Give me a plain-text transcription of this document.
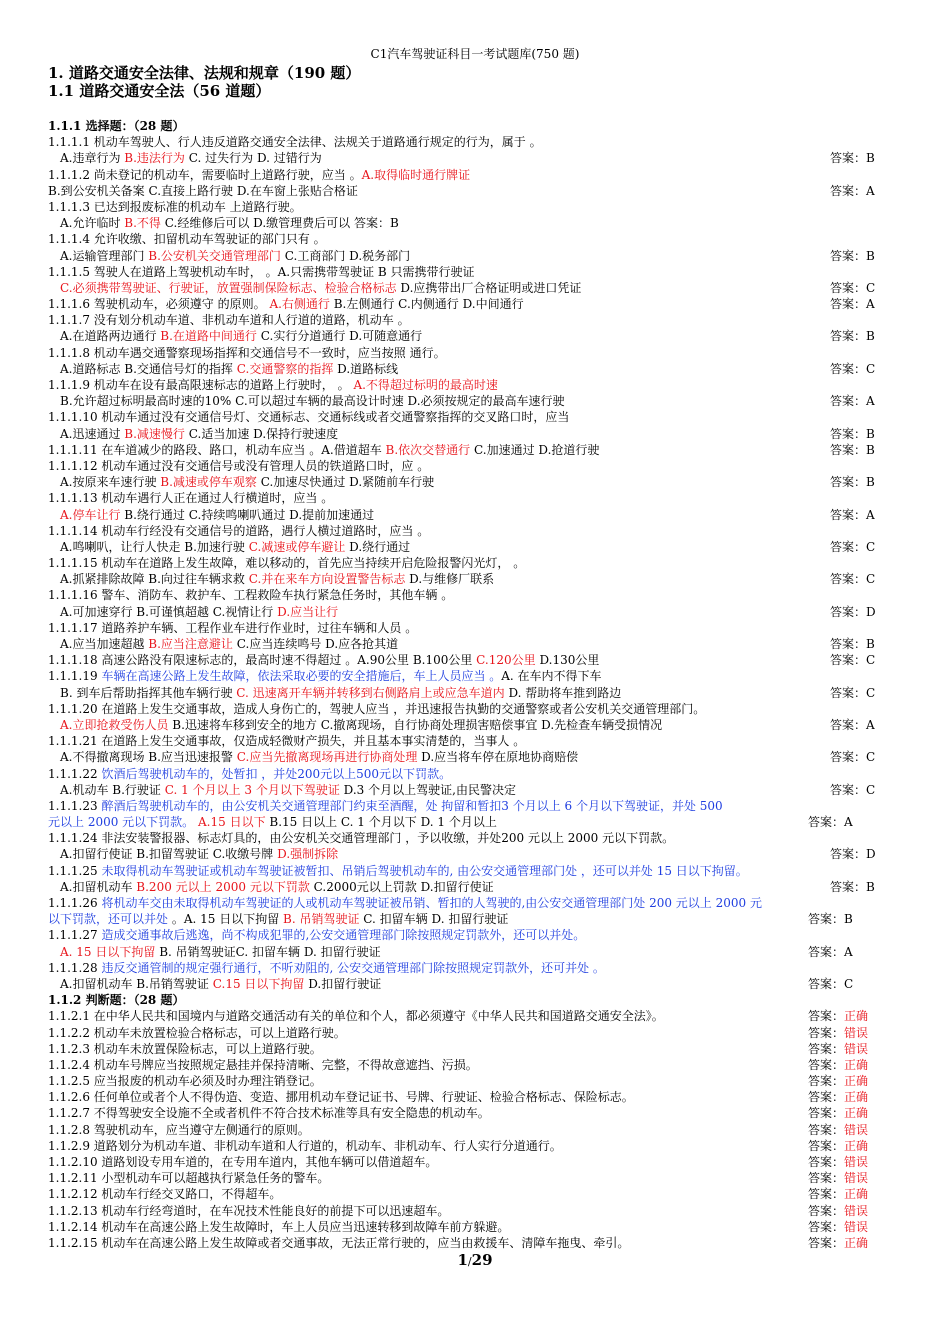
C1汽车驾驶证科目一考试题库(750 题)
1. 道路交通安全法律、法规和规章（190 题）
1.1 道路交通安全法（56 道题）
1.1.1 选择题：（28 题）
1.1.1.1 机动车驾驶人、行人违反道路交通安全法律、法规关于道路通行规定的行为，属于 。
A.违章行为 B.违法行为 C. 过失行为 D. 过错行为	答案：B
1.1.1.2 尚未登记的机动车，需要临时上道路行驶，应当 。A.取得临时通行牌证
B.到公安机关备案 C.直接上路行驶 D.在车窗上张贴合格证	答案：A
1.1.1.3 已达到报废标准的机动车 上道路行驶。
A.允许临时 B.不得 C.经维修后可以 D.缴管理费后可以 答案：B
1.1.1.4 允许收缴、扣留机动车驾驶证的部门只有 。
A.运输管理部门 B.公安机关交通管理部门 C.工商部门 D.税务部门	答案：B
1.1.1.5 驾驶人在道路上驾驶机动车时， 。A.只需携带驾驶证 B 只需携带行驶证
C.必须携带驾驶证、行驶证，放置强制保险标志、检验合格标志 D.应携带出厂合格证明或进口凭证	答案：C
1.1.1.6 驾驶机动车，必须遵守 的原则。 A.右侧通行 B.左侧通行 C.内侧通行 D.中间通行	答案：A
1.1.1.7 没有划分机动车道、非机动车道和人行道的道路，机动车 。
A.在道路两边通行 B.在道路中间通行 C.实行分道通行 D.可随意通行	答案：B
1.1.1.8 机动车遇交通警察现场指挥和交通信号不一致时，应当按照 通行。
A.道路标志 B.交通信号灯的指挥 C.交通警察的指挥 D.道路标线	答案：C
1.1.1.9 机动车在设有最高限速标志的道路上行驶时， 。 A.不得超过标明的最高时速
B.允许超过标明最高时速的10% C.可以超过车辆的最高设计时速 D.必须按规定的最高车速行驶	答案：A
1.1.1.10 机动车通过没有交通信号灯、交通标志、交通标线或者交通警察指挥的交叉路口时，应当
A.迅速通过 B.减速慢行 C.适当加速 D.保持行驶速度	答案：B
1.1.1.11 在车道减少的路段、路口，机动车应当 。A.借道超车 B.依次交替通行 C.加速通过 D.抢道行驶	答案：B
1.1.1.12 机动车通过没有交通信号或没有管理人员的铁道路口时，应 。
A.按原来车速行驶 B.减速或停车观察 C.加速尽快通过 D.紧随前车行驶	答案：B
1.1.1.13 机动车遇行人正在通过人行横道时，应当 。
A.停车让行 B.绕行通过 C.持续鸣喇叭通过 D.提前加速通过	答案：A
1.1.1.14 机动车行经没有交通信号的道路，遇行人横过道路时，应当 。
A.鸣喇叭，让行人快走 B.加速行驶 C.减速或停车避让 D.绕行通过	答案：C
1.1.1.15 机动车在道路上发生故障，难以移动的，首先应当持续开启危险报警闪光灯， 。
A.抓紧排除故障 B.向过往车辆求救 C.并在来车方向设置警告标志 D.与维修厂联系	答案：C
1.1.1.16 警车、消防车、救护车、工程救险车执行紧急任务时，其他车辆 。
A.可加速穿行 B.可谨慎超越 C.视情让行 D.应当让行	答案：D
1.1.1.17 道路养护车辆、工程作业车进行作业时，过往车辆和人员 。
A.应当加速超越 B.应当注意避让 C.应当连续鸣号 D.应各抢其道	答案：B
1.1.1.18 高速公路没有限速标志的，最高时速不得超过 。A.90公里 B.100公里 C.120公里 D.130公里	答案：C
1.1.1.19 车辆在高速公路上发生故障，依法采取必要的安全措施后，车上人员应当 。A. 在车内不得下车
B. 到车后帮助指挥其他车辆行驶 C. 迅速离开车辆并转移到右侧路肩上或应急车道内 D. 帮助将车推到路边	答案：C
1.1.1.20 在道路上发生交通事故，造成人身伤亡的，驾驶人应当 ，并迅速报告执勤的交通警察或者公安机关交通管理部门。
A.立即抢救受伤人员 B.迅速将车移到安全的地方 C.撤离现场，自行协商处理损害赔偿事宜 D.先检查车辆受损情况	答案：A
1.1.1.21 在道路上发生交通事故，仅造成轻微财产损失，并且基本事实清楚的，当事人 。
A.不得撤离现场 B.应当迅速报警 C.应当先撤离现场再进行协商处理 D.应当将车停在原地协商赔偿	答案：C
1.1.1.22 饮酒后驾驶机动车的，处暂扣 ，并处200元以上500元以下罚款。
A.机动车 B.行驶证 C. 1 个月以上 3 个月以下驾驶证 D.3 个月以上驾驶证,由民警决定	答案：C
1.1.1.23 醉酒后驾驶机动车的，由公安机关交通管理部门约束至酒醒，处 拘留和暂扣3 个月以上 6 个月以下驾驶证，并处 500
元以上 2000 元以下罚款。 A.15 日以下 B.15 日以上 C. 1 个月以下 D. 1 个月以上	答案：A
1.1.1.24 非法安装警报器、标志灯具的，由公安机关交通管理部门 ，予以收缴，并处200 元以上 2000 元以下罚款。
A.扣留行使证 B.扣留驾驶证 C.收缴号牌 D.强制拆除	答案：D
1.1.1.25 未取得机动车驾驶证或机动车驾驶证被暂扣、吊销后驾驶机动车的, 由公安交通管理部门处 ，还可以并处 15 日以下拘留。
A.扣留机动车 B.200 元以上 2000 元以下罚款 C.2000元以上罚款 D.扣留行使证	答案：B
1.1.1.26 将机动车交由未取得机动车驾驶证的人或机动车驾驶证被吊销、暂扣的人驾驶的,由公安交通管理部门处 200 元以上 2000 元
以下罚款，还可以并处 。A. 15 日以下拘留 B. 吊销驾驶证 C. 扣留车辆 D. 扣留行驶证	答案：B
1.1.1.27 造成交通事故后逃逸，尚不构成犯罪的,公安交通管理部门除按照规定罚款外，还可以并处。
A. 15 日以下拘留 B. 吊销驾驶证C. 扣留车辆 D. 扣留行驶证	答案：A
1.1.1.28 违反交通管制的规定强行通行，不听劝阻的, 公安交通管理部门除按照规定罚款外，还可并处 。
A.扣留机动车 B.吊销驾驶证 C.15 日以下拘留 D.扣留行驶证	答案：C
1.1.2 判断题：（28 题）
1.1.2.1 在中华人民共和国境内与道路交通活动有关的单位和个人，都必须遵守《中华人民共和国道路交通安全法》。	答案：正确
1.1.2.2 机动车未放置检验合格标志，可以上道路行驶。	答案：错误
1.1.2.3 机动车未放置保险标志，可以上道路行驶。	答案：错误
1.1.2.4 机动车号牌应当按照规定悬挂并保持清晰、完整，不得故意遮挡、污损。	答案：正确
1.1.2.5 应当报废的机动车必须及时办理注销登记。	答案：正确
1.1.2.6 任何单位或者个人不得伪造、变造、挪用机动车登记证书、号牌、行驶证、检验合格标志、保险标志。	答案：正确
1.1.2.7 不得驾驶安全设施不全或者机件不符合技术标准等具有安全隐患的机动车。	答案：正确
1.1.2.8 驾驶机动车，应当遵守左侧通行的原则。	答案：错误
1.1.2.9 道路划分为机动车道、非机动车道和人行道的，机动车、非机动车、行人实行分道通行。	答案：正确
1.1.2.10 道路划设专用车道的，在专用车道内，其他车辆可以借道超车。	答案：错误
1.1.2.11 小型机动车可以超越执行紧急任务的警车。	答案：错误
1.1.2.12 机动车行经交叉路口，不得超车。	答案：正确
1.1.2.13 机动车行经弯道时，在车况技术性能良好的前提下可以迅速超车。	答案：错误
1.1.2.14 机动车在高速公路上发生故障时，车上人员应当迅速转移到故障车前方躲避。	答案：错误
1.1.2.15 机动车在高速公路上发生故障或者交通事故，无法正常行驶的，应当由救援车、清障车拖曳、牵引。	答案：正确
1/29
